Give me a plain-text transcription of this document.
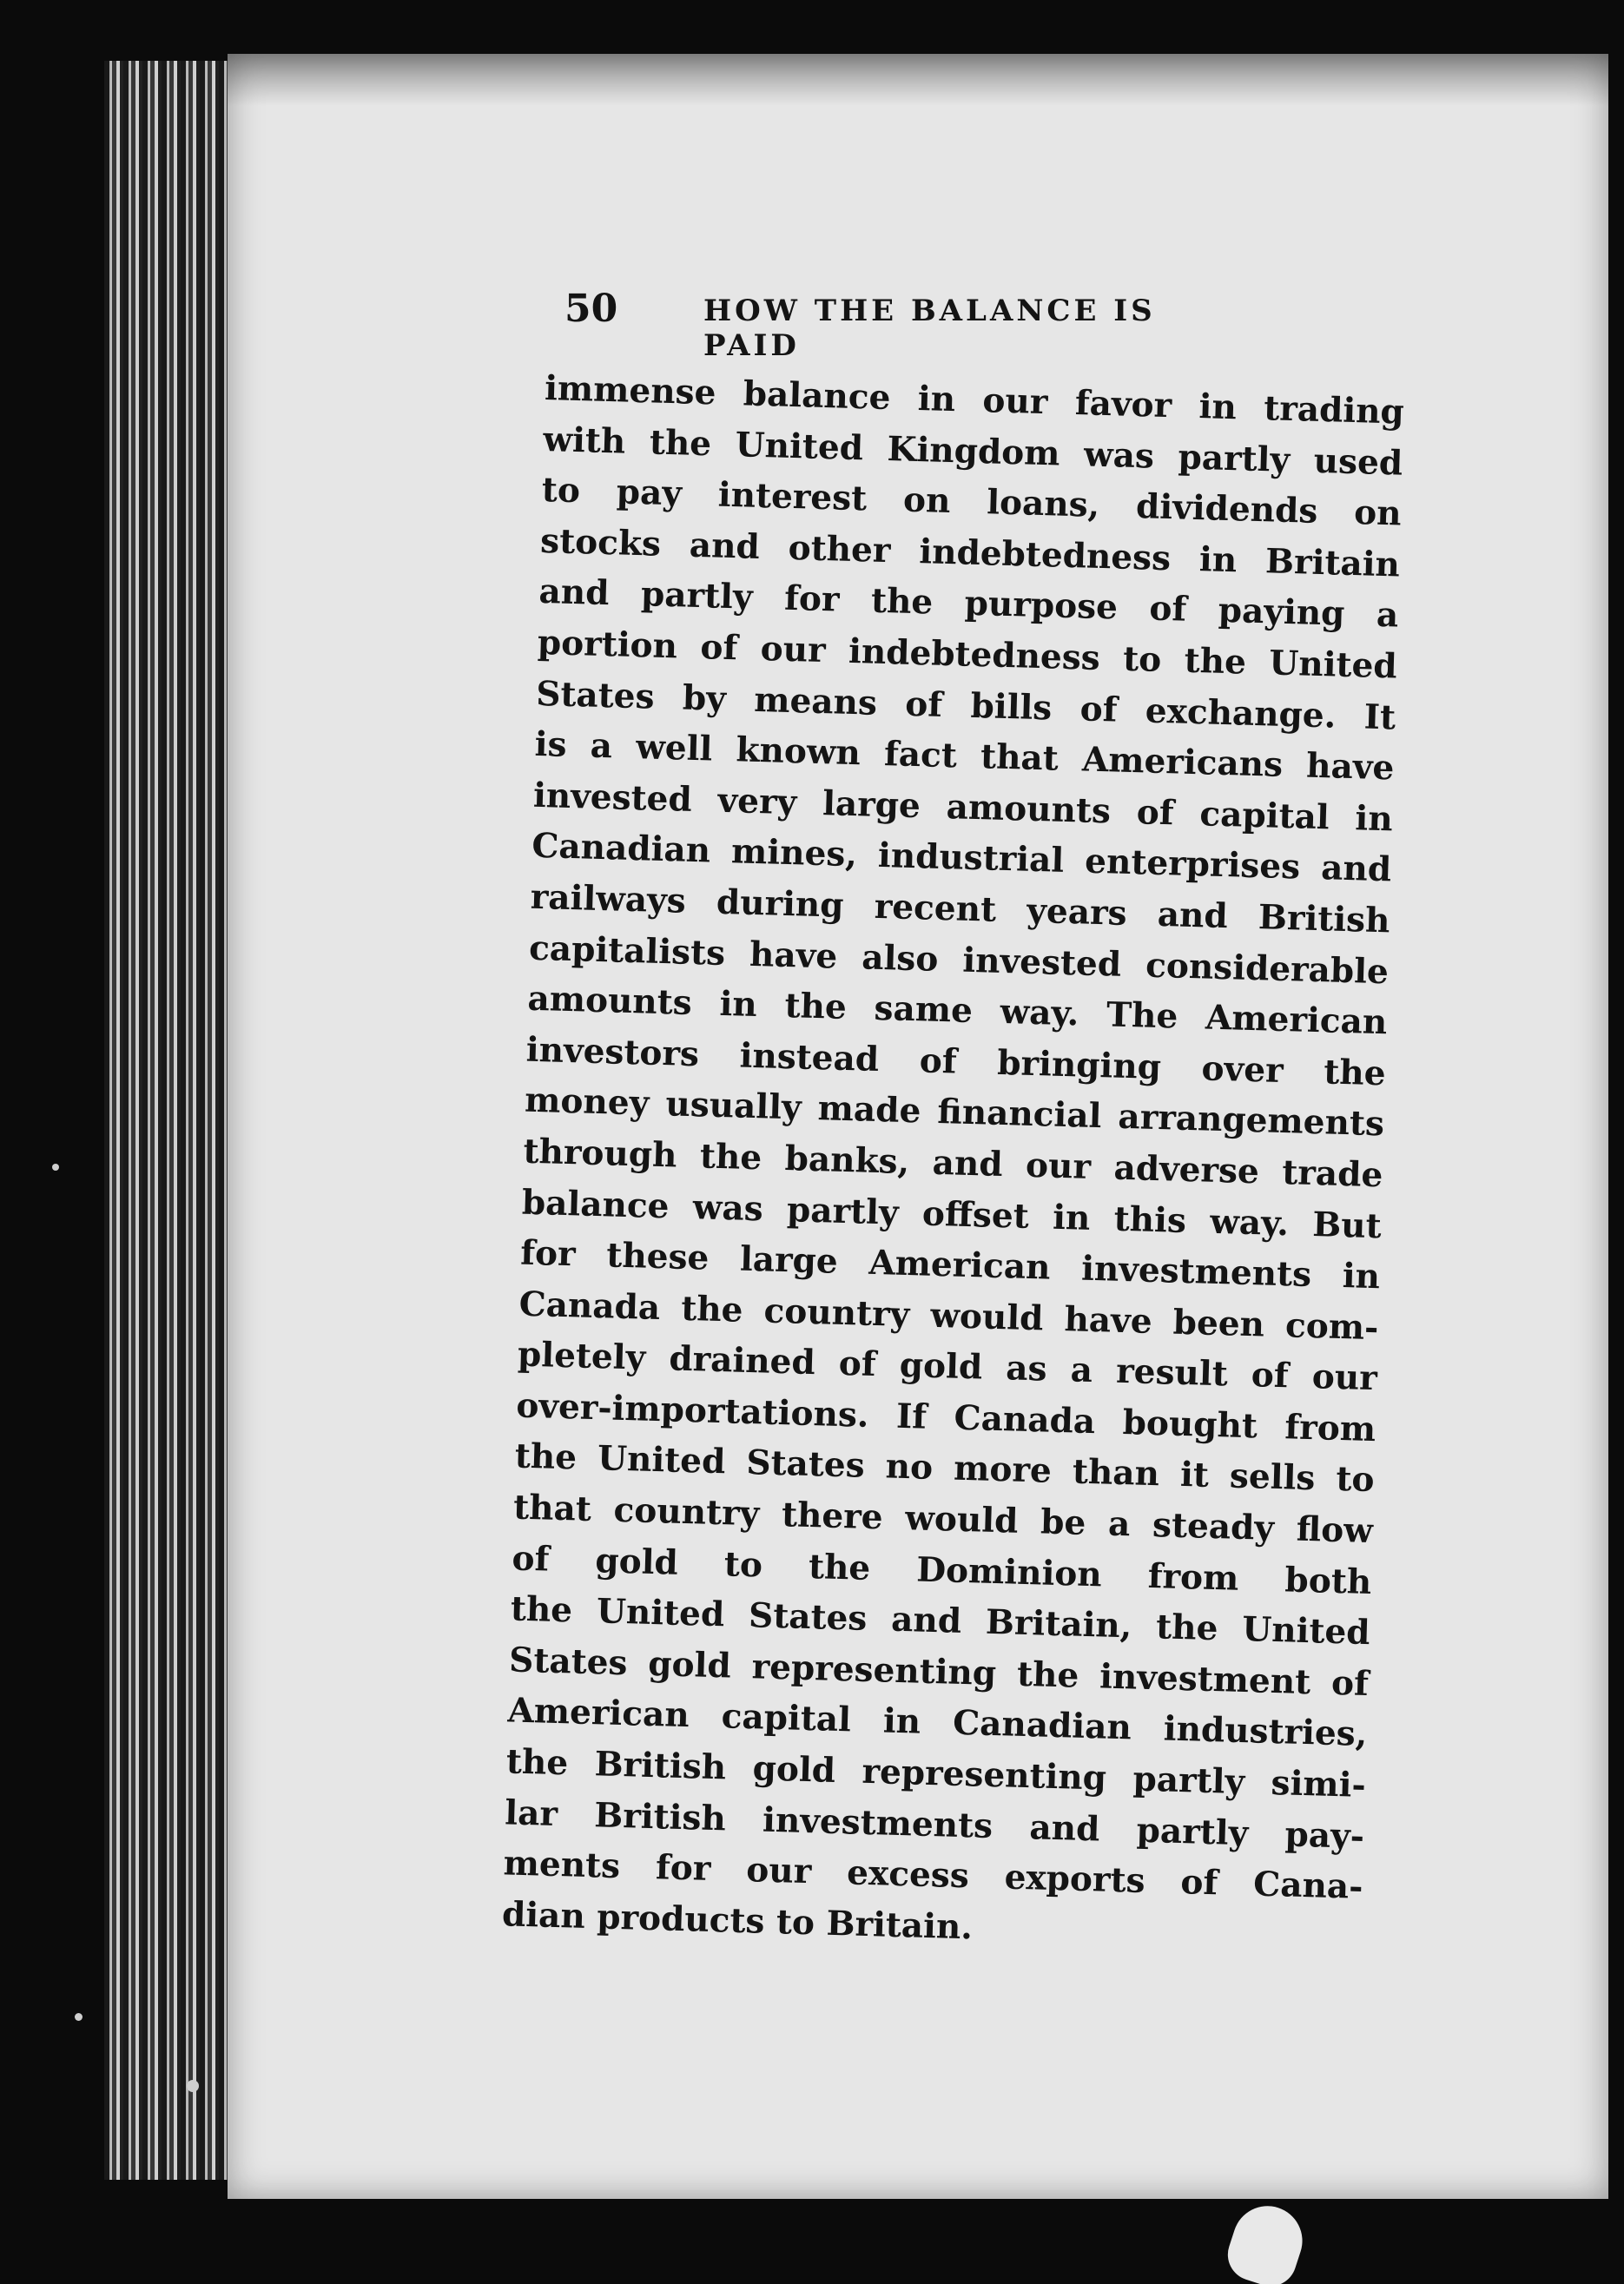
50	HOW THE BALANCE IS PAID
immense balance in our favor in trading
with the United Kingdom was partly used
to pay interest on loans, dividends on
stocks and other indebtedness in Britain
and partly for the purpose of paying a
portion of our indebtedness to the United
States by means of bills of exchange. It
is a well known fact that Americans have
invested very large amounts of capital in
Canadian mines, industrial enterprises and
railways during recent years and British
capitalists have also invested considerable
amounts in the same way. The American
investors instead of bringing over the
money usually made financial arrangements
through the banks, and our adverse trade
balance was partly offset in this way. But
for these large American investments in
Canada the country would have been com-
pletely drained of gold as a result of our
over-importations. If Canada bought from
the United States no more than it sells to
that country there would be a steady flow
of gold to the Dominion from both
the United States and Britain, the United
States gold representing the investment of
American capital in Canadian industries,
the British gold representing partly simi-
lar British investments and partly pay-
ments for our excess exports of Cana-
dian products to Britain.
